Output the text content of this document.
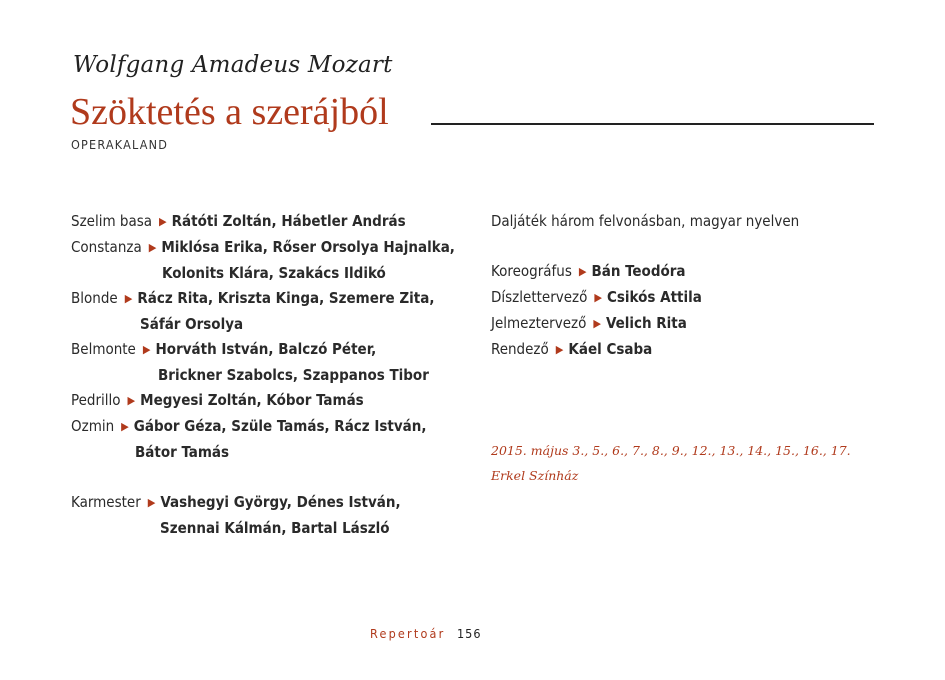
Wolfgang Amadeus Mozart
Szöktetés a szerájból
OPERAKALAND
Szelim basa ▶ Rátóti Zoltán, Hábetler András
Constanza ▶ Miklósa Erika, Rőser Orsolya Hajnalka,
Kolonits Klára, Szakács Ildikó
Blonde ▶ Rácz Rita, Kriszta Kinga, Szemere Zita,
Sáfár Orsolya
Belmonte ▶ Horváth István, Balczó Péter,
Brickner Szabolcs, Szappanos Tibor
Pedrillo ▶ Megyesi Zoltán, Kóbor Tamás
Ozmin ▶ Gábor Géza, Szüle Tamás, Rácz István,
Bátor Tamás
Karmester ▶ Vashegyi György, Dénes István,
Szennai Kálmán, Bartal László
Daljáték három felvonásban, magyar nyelven
Koreográfus ▶ Bán Teodóra
Díszlettervező ▶ Csikós Attila
Jelmeztervező ▶ Velich Rita
Rendező ▶ Káel Csaba
2015. május 3., 5., 6., 7., 8., 9., 12., 13., 14., 15., 16., 17.
Erkel Színház
Repertoár 156
